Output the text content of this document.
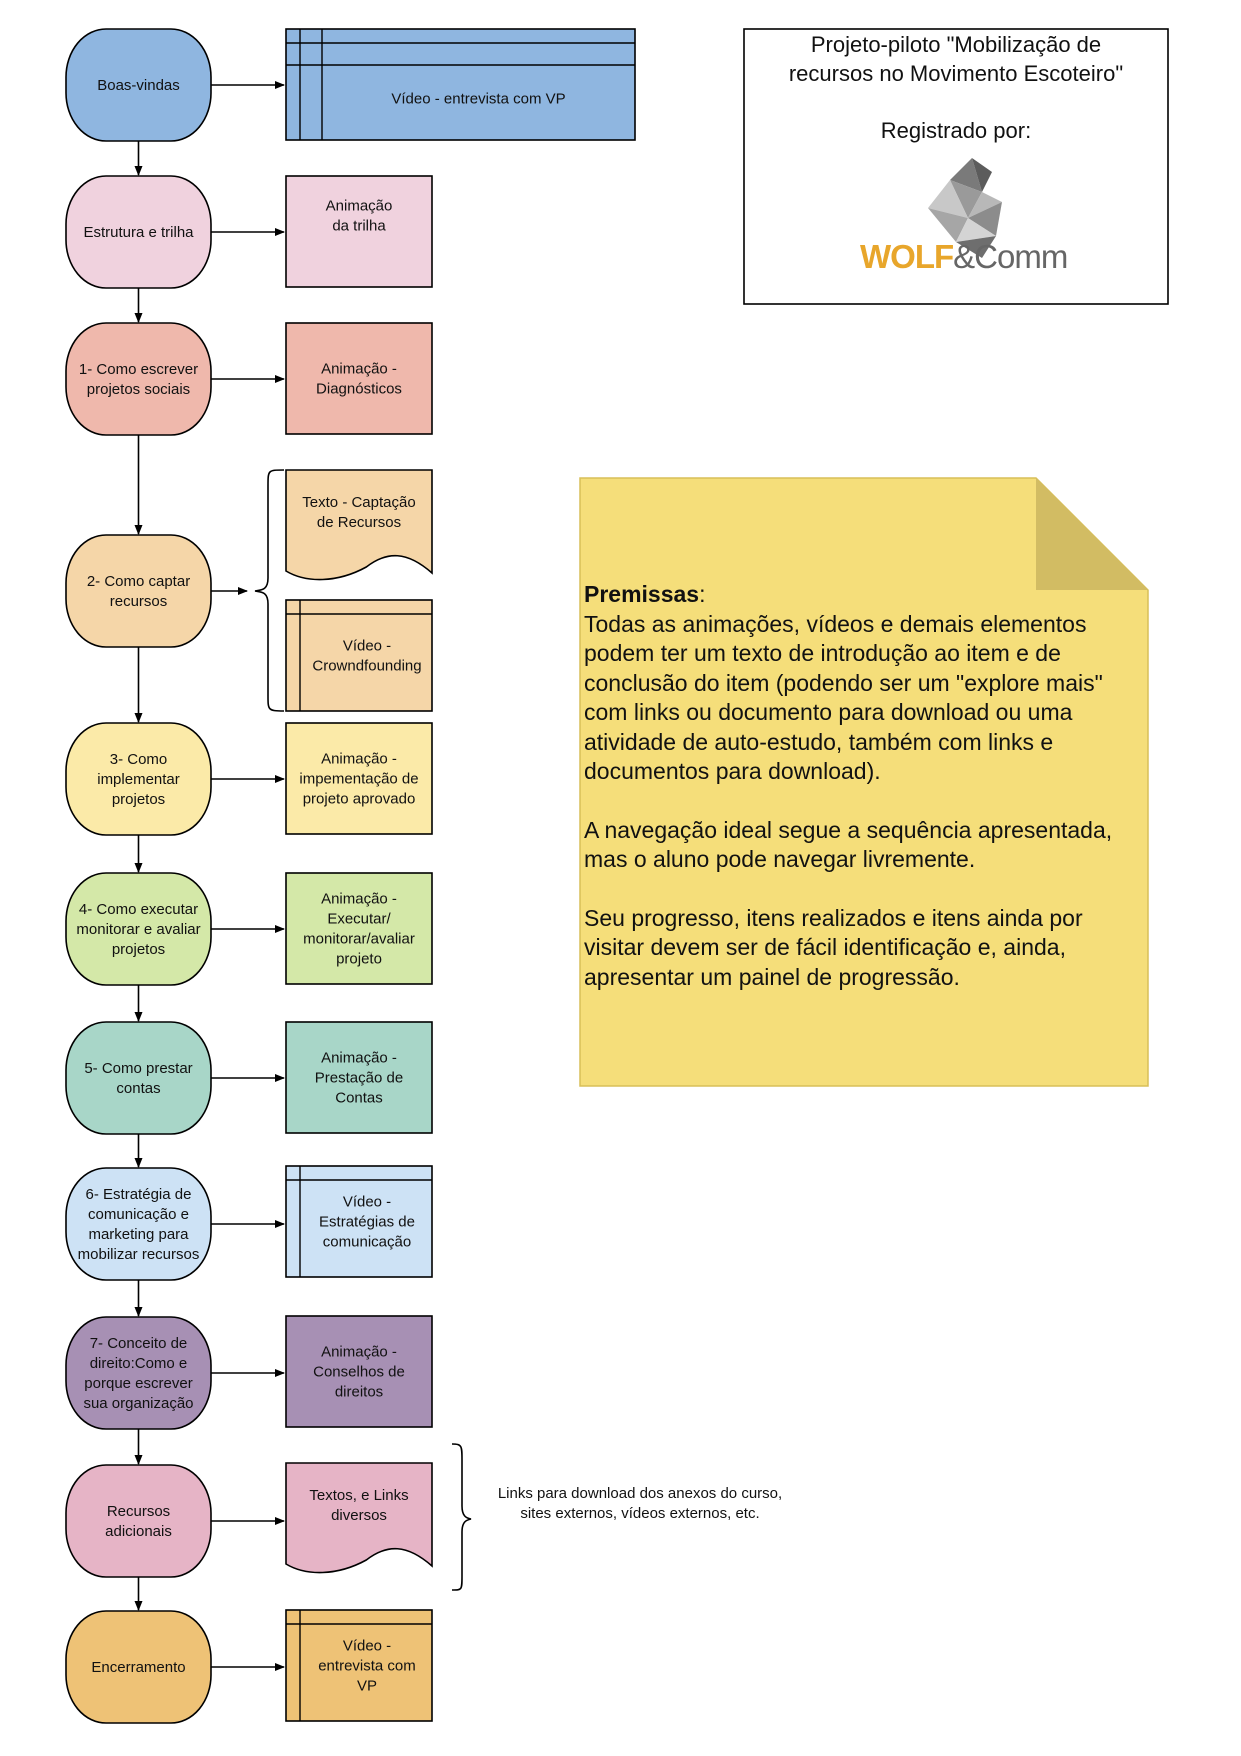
Boas-vindas
Vídeo - entrevista com VP
Estrutura e trilha
Animação
da trilha
1- Como escrever
projetos sociais
Animação -
Diagnósticos
2- Como captar
recursos
Texto - Captação
de Recursos
Vídeo -
Crowndfounding
3- Como
implementar
projetos
Animação -
impementação de
projeto aprovado
4- Como executar
monitorar e avaliar
projetos
Animação -
Executar/
monitorar/avaliar
projeto
5- Como prestar
contas
Animação -
Prestação de
Contas
6- Estratégia de
comunicação e
marketing para
mobilizar recursos
Vídeo -
Estratégias de
comunicação
7- Conceito de
direito:Como e
porque escrever
sua organização
Animação -
Conselhos de
direitos
Recursos
adicionais
Textos, e Links
diversos
Encerramento
Vídeo -
entrevista com
VP
Projeto-piloto "Mobilização de
recursos no Movimento Escoteiro"
Registrado por:
WOLF&Comm
Premissas:

Todas as animações, vídeos e demais elementos podem ter um texto de introdução ao item e de conclusão do item (podendo ser um "explore mais" com links ou documento para download ou uma atividade de auto-estudo, também com links e documentos para download).

A navegação ideal segue a sequência apresentada, mas o aluno pode navegar livremente.

Seu progresso, itens realizados e itens ainda por visitar devem ser de fácil identificação e, ainda, apresentar um painel de progressão.

Links para download dos anexos do curso, sites externos, vídeos externos, etc.
